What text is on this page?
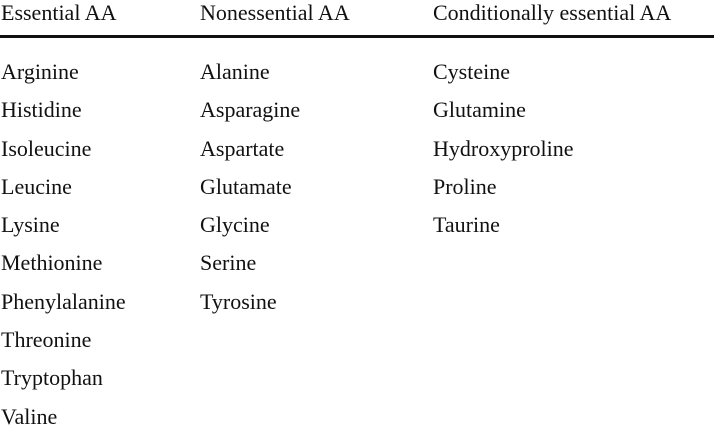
Essential AA	Nonessential AA	Conditionally essential AA
Arginine
Histidine
Isoleucine
Leucine
Lysine
Methionine
Phenylalanine
Threonine
Tryptophan
Valine
Alanine
Asparagine
Aspartate
Glutamate
Glycine
Serine
Tyrosine
Cysteine
Glutamine
Hydroxyproline
Proline
Taurine
